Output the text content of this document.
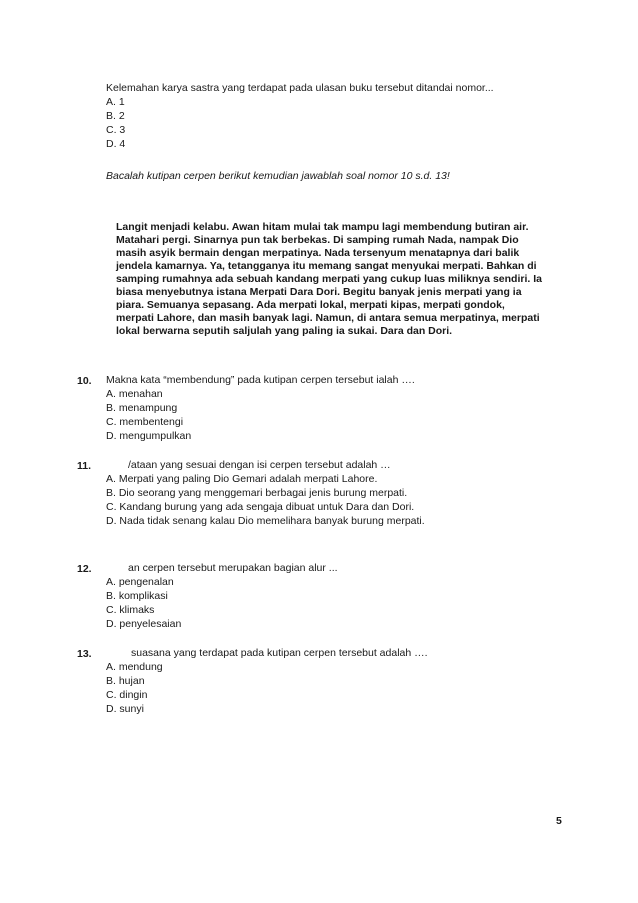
Kelemahan karya sastra yang terdapat pada ulasan buku tersebut ditandai nomor...
A. 1
B. 2
C. 3
D. 4
Bacalah kutipan cerpen berikut kemudian jawablah soal nomor 10 s.d. 13!
Langit menjadi kelabu. Awan hitam mulai tak mampu lagi membendung butiran air.
Matahari pergi. Sinarnya pun tak berbekas. Di samping rumah Nada, nampak Dio
masih asyik bermain dengan merpatinya. Nada tersenyum menatapnya dari balik
jendela kamarnya. Ya, tetangganya itu memang sangat menyukai merpati. Bahkan di
samping rumahnya ada sebuah kandang merpati yang cukup luas miliknya sendiri. Ia
biasa menyebutnya istana Merpati Dara Dori. Begitu banyak jenis merpati yang ia
piara. Semuanya sepasang. Ada merpati lokal, merpati kipas, merpati gondok,
merpati Lahore, dan masih banyak lagi. Namun, di antara semua merpatinya, merpati
lokal berwarna seputih saljulah yang paling ia sukai. Dara dan Dori.
10. Makna kata “membendung” pada kutipan cerpen tersebut ialah ….
A. menahan
B. menampung
C. membentengi
D. mengumpulkan
11.	/ataan yang sesuai dengan isi cerpen tersebut adalah …
A. Merpati yang paling Dio Gemari adalah merpati Lahore.
B. Dio seorang yang menggemari berbagai jenis burung merpati.
C. Kandang burung yang ada sengaja dibuat untuk Dara dan Dori.
D. Nada tidak senang kalau Dio memelihara banyak burung merpati.
12.	an cerpen tersebut merupakan bagian alur ...
A. pengenalan
B. komplikasi
C. klimaks
D. penyelesaian
13.	suasana yang terdapat pada kutipan cerpen tersebut adalah ….
A. mendung
B. hujan
C. dingin
D. sunyi
5
